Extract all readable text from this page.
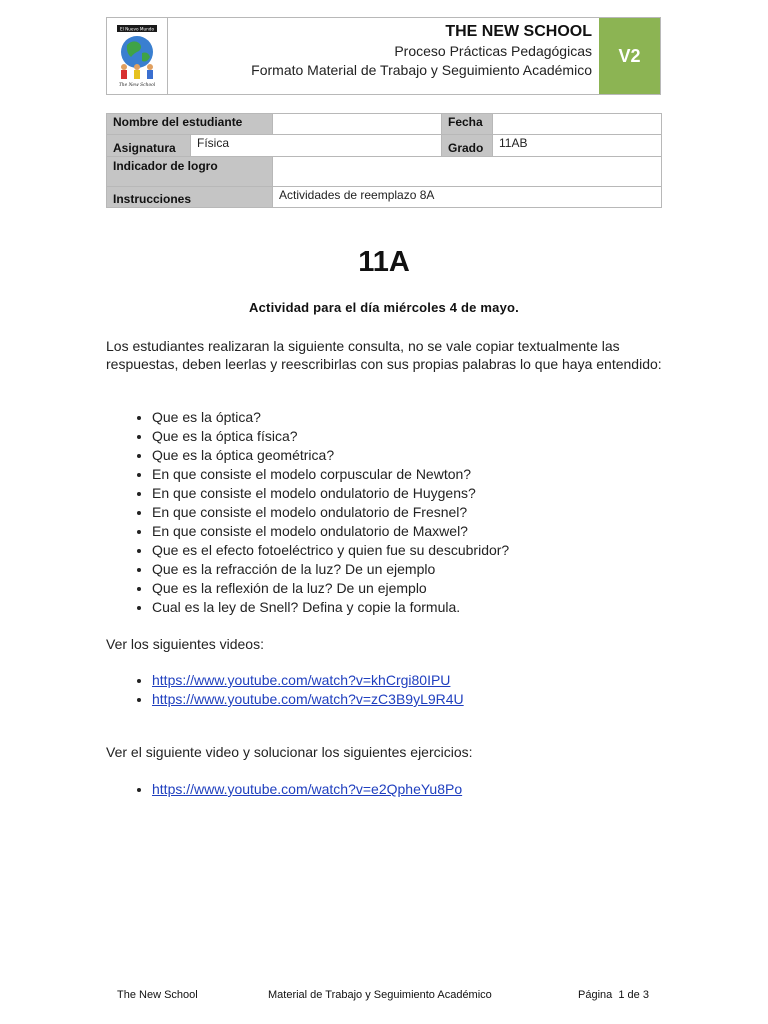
El Nuevo Mundo
The New School
THE NEW SCHOOL
Proceso Prácticas Pedagógicas
Formato Material de Trabajo y Seguimiento Académico
V2
Nombre del estudiante			Fecha	
Asignatura	Física		Grado	11AB
Indicador de logro				
Instrucciones		Actividades de reemplazo 8A		
11A
Actividad para el día miércoles 4 de mayo.

Los estudiantes realizaran la siguiente consulta, no se vale copiar textualmente las respuestas, deben leerlas y reescribirlas con sus propias palabras lo que haya entendido:

• Que es la óptica?
• Que es la óptica física?
• Que es la óptica geométrica?
• En que consiste el modelo corpuscular de Newton?
• En que consiste el modelo ondulatorio de Huygens?
• En que consiste el modelo ondulatorio de Fresnel?
• En que consiste el modelo ondulatorio de Maxwel?
• Que es el efecto fotoeléctrico y quien fue su descubridor?
• Que es la refracción de la luz? De un ejemplo
• Que es la reflexión de la luz? De un ejemplo
• Cual es la ley de Snell? Defina y copie la formula.

Ver los siguientes videos:

• https://www.youtube.com/watch?v=khCrgi80IPU
• https://www.youtube.com/watch?v=zC3B9yL9R4U

Ver el siguiente video y solucionar los siguientes ejercicios:

• https://www.youtube.com/watch?v=e2QpheYu8Po
The New School	Material de Trabajo y Seguimiento Académico	Página  1 de 3
